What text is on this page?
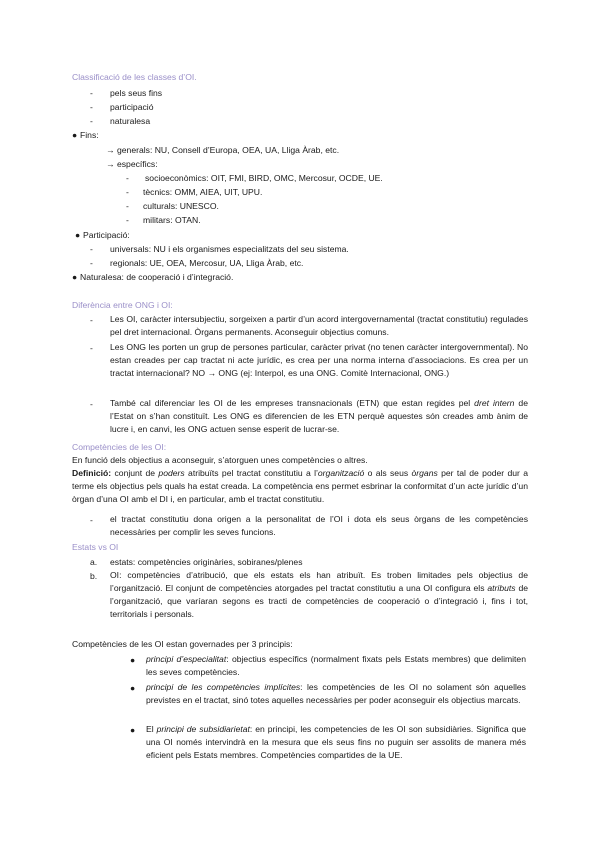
Classificació de les classes d’OI.
- pels seus fins
- participació
- naturalesa
● Fins:
→ generals: NU, Consell d’Europa, OEA, UA, Lliga Àrab, etc.
→ específics:
- socioeconòmics: OIT, FMI, BIRD, OMC, Mercosur, OCDE, UE.
- tècnics: OMM, AIEA, UIT, UPU.
- culturals: UNESCO.
- militars: OTAN.
● Participació:
- universals: NU i els organismes especialitzats del seu sistema.
- regionals: UE, OEA, Mercosur, UA, Lliga Àrab, etc.
● Naturalesa: de cooperació i d’integració.
Diferència entre ONG i OI:
- Les OI, caràcter intersubjectiu, sorgeixen a partir d’un acord intergovernamental (tractat constitutiu) regulades pel dret internacional. Òrgans permanents. Aconseguir objectius comuns.
- Les ONG les porten un grup de persones particular, caràcter privat (no tenen caràcter intergovernmental). No estan creades per cap tractat ni acte jurídic, es crea per una norma interna d’associacions. Es crea per un tractat internacional? NO → ONG (ej: Interpol, es una ONG. Comitè Internacional, ONG.)
- També cal diferenciar les OI de les empreses transnacionals (ETN) que estan regides pel dret intern de l’Estat on s’han constituït. Les ONG es diferencien de les ETN perquè aquestes són creades amb ànim de lucre i, en canvi, les ONG actuen sense esperit de lucrar-se.
Competències de les OI:
En funció dels objectius a aconseguir, s’atorguen unes competències o altres.
Definició: conjunt de poders atribuïts pel tractat constitutiu a l’organització o als seus òrgans per tal de poder dur a terme els objectius pels quals ha estat creada. La competència ens permet esbrinar la conformitat d’un acte jurídic d’un òrgan d’una OI amb el DI i, en particular, amb el tractat constitutiu.
- el tractat constitutiu dona origen a la personalitat de l’OI i dota els seus òrgans de les competències necessàries per complir les seves funcions.
Estats vs OI
a. estats: competències originàries, sobiranes/plenes
b. OI: competències d’atribució, que els estats els han atribuït. Es troben limitades pels objectius de l’organització. El conjunt de competències atorgades pel tractat constitutiu a una OI configura els atributs de l’organització, que varíaran segons es tracti de competències de cooperació o d’integració i, fins i tot, territorials i personals.
Competències de les OI estan governades per 3 principis:
● principi d’especialitat: objectius específics (normalment fixats pels Estats membres) que delimiten les seves competències.
● principi de les competències implícites: les competències de les OI no solament són aquelles previstes en el tractat, sinó totes aquelles necessàries per poder aconseguir els objectius marcats.
● El principi de subsidiarietat: en principi, les competencies de les OI son subsidiàries. Significa que una OI només intervindrà en la mesura que els seus fins no puguin ser assolits de manera més eficient pels Estats membres. Competències compartides de la UE.
